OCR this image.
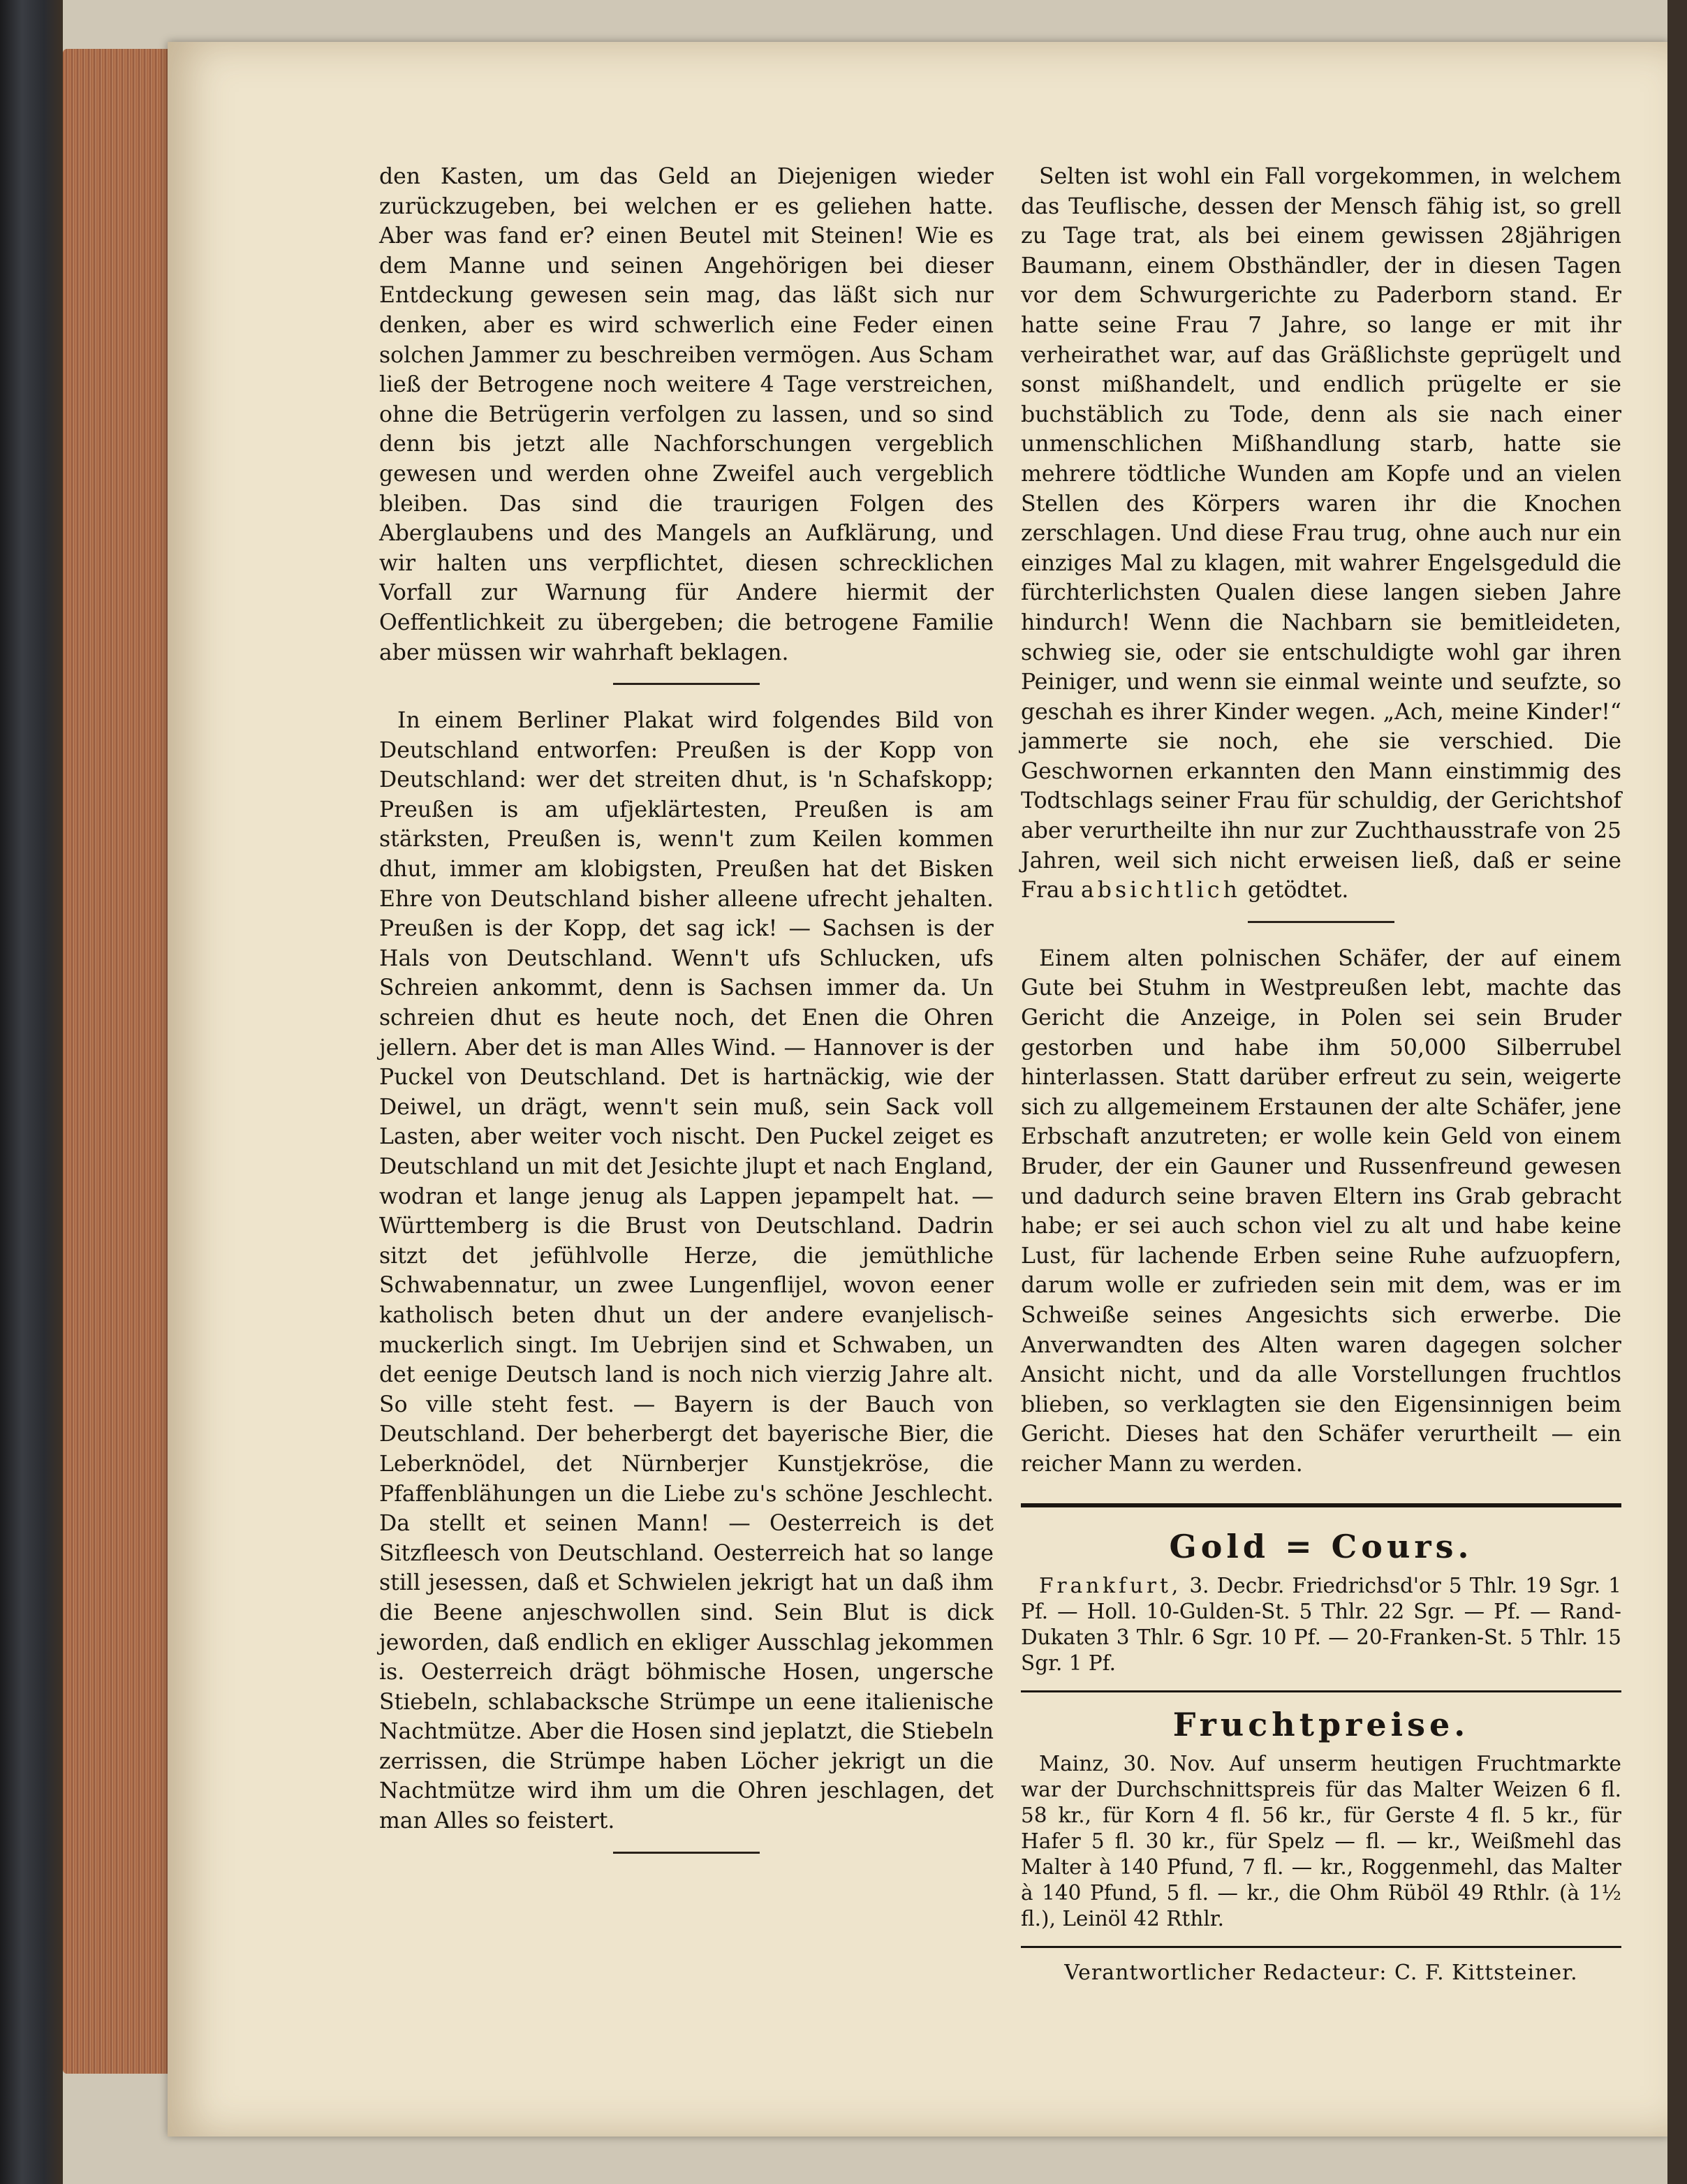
den Kasten, um das Geld an Diejenigen wieder zurückzugeben, bei welchen er es geliehen hatte. Aber was fand er? einen Beutel mit Steinen! Wie es dem Manne und seinen Angehörigen bei dieser Entdeckung gewesen sein mag, das läßt sich nur denken, aber es wird schwerlich eine Feder einen solchen Jammer zu beschreiben vermögen. Aus Scham ließ der Betrogene noch weitere 4 Tage verstreichen, ohne die Betrügerin verfolgen zu lassen, und so sind denn bis jetzt alle Nachforschungen vergeblich gewesen und werden ohne Zweifel auch vergeblich bleiben. Das sind die traurigen Folgen des Aberglaubens und des Mangels an Aufklärung, und wir halten uns verpflichtet, diesen schrecklichen Vorfall zur Warnung für Andere hiermit der Oeffentlichkeit zu übergeben; die betrogene Familie aber müssen wir wahrhaft beklagen.

In einem Berliner Plakat wird folgendes Bild von Deutschland entworfen: Preußen is der Kopp von Deutschland: wer det streiten dhut, is 'n Schafskopp; Preußen is am ufjeklärtesten, Preußen is am stärksten, Preußen is, wenn't zum Keilen kommen dhut, immer am klobigsten, Preußen hat det Bisken Ehre von Deutschland bisher alleene ufrecht jehalten. Preußen is der Kopp, det sag ick! — Sachsen is der Hals von Deutschland. Wenn't ufs Schlucken, ufs Schreien ankommt, denn is Sachsen immer da. Un schreien dhut es heute noch, det Enen die Ohren jellern. Aber det is man Alles Wind. — Hannover is der Puckel von Deutschland. Det is hartnäckig, wie der Deiwel, un drägt, wenn't sein muß, sein Sack voll Lasten, aber weiter voch nischt. Den Puckel zeiget es Deutschland un mit det Jesichte jlupt et nach England, wodran et lange jenug als Lappen jepampelt hat. — Württemberg is die Brust von Deutschland. Dadrin sitzt det jefühlvolle Herze, die jemüthliche Schwabennatur, un zwee Lungenflijel, wovon eener katholisch beten dhut un der andere evanjelisch-muckerlich singt. Im Uebrijen sind et Schwaben, un det eenige Deutsch land is noch nich vierzig Jahre alt. So ville steht fest. — Bayern is der Bauch von Deutschland. Der beherbergt det bayerische Bier, die Leberknödel, det Nürnberjer Kunstjekröse, die Pfaffenblähungen un die Liebe zu's schöne Jeschlecht. Da stellt et seinen Mann! — Oesterreich is det Sitzfleesch von Deutschland. Oesterreich hat so lange still jesessen, daß et Schwielen jekrigt hat un daß ihm die Beene anjeschwollen sind. Sein Blut is dick jeworden, daß endlich en ekliger Ausschlag jekommen is. Oesterreich drägt böhmische Hosen, ungersche Stiebeln, schlabacksche Strümpe un eene italienische Nachtmütze. Aber die Hosen sind jeplatzt, die Stiebeln zerrissen, die Strümpe haben Löcher jekrigt un die Nachtmütze wird ihm um die Ohren jeschlagen, det man Alles so feistert.

Selten ist wohl ein Fall vorgekommen, in welchem das Teuflische, dessen der Mensch fähig ist, so grell zu Tage trat, als bei einem gewissen 28jährigen Baumann, einem Obsthändler, der in diesen Tagen vor dem Schwurgerichte zu Paderborn stand. Er hatte seine Frau 7 Jahre, so lange er mit ihr verheirathet war, auf das Gräßlichste geprügelt und sonst mißhandelt, und endlich prügelte er sie buchstäblich zu Tode, denn als sie nach einer unmenschlichen Mißhandlung starb, hatte sie mehrere tödtliche Wunden am Kopfe und an vielen Stellen des Körpers waren ihr die Knochen zerschlagen. Und diese Frau trug, ohne auch nur ein einziges Mal zu klagen, mit wahrer Engelsgeduld die fürchterlichsten Qualen diese langen sieben Jahre hindurch! Wenn die Nachbarn sie bemitleideten, schwieg sie, oder sie entschuldigte wohl gar ihren Peiniger, und wenn sie einmal weinte und seufzte, so geschah es ihrer Kinder wegen. „Ach, meine Kinder!“ jammerte sie noch, ehe sie verschied. Die Geschwornen erkannten den Mann einstimmig des Todtschlags seiner Frau für schuldig, der Gerichtshof aber verurtheilte ihn nur zur Zuchthausstrafe von 25 Jahren, weil sich nicht erweisen ließ, daß er seine Frau absichtlich getödtet.

Einem alten polnischen Schäfer, der auf einem Gute bei Stuhm in Westpreußen lebt, machte das Gericht die Anzeige, in Polen sei sein Bruder gestorben und habe ihm 50,000 Silberrubel hinterlassen. Statt darüber erfreut zu sein, weigerte sich zu allgemeinem Erstaunen der alte Schäfer, jene Erbschaft anzutreten; er wolle kein Geld von einem Bruder, der ein Gauner und Russenfreund gewesen und dadurch seine braven Eltern ins Grab gebracht habe; er sei auch schon viel zu alt und habe keine Lust, für lachende Erben seine Ruhe aufzuopfern, darum wolle er zufrieden sein mit dem, was er im Schweiße seines Angesichts sich erwerbe. Die Anverwandten des Alten waren dagegen solcher Ansicht nicht, und da alle Vorstellungen fruchtlos blieben, so verklagten sie den Eigensinnigen beim Gericht. Dieses hat den Schäfer verurtheilt — ein reicher Mann zu werden.

Gold = Cours.

Frankfurt, 3. Decbr. Friedrichsd'or 5 Thlr. 19 Sgr. 1 Pf. — Holl. 10-Gulden-St. 5 Thlr. 22 Sgr. — Pf. — Rand-Dukaten 3 Thlr. 6 Sgr. 10 Pf. — 20-Franken-St. 5 Thlr. 15 Sgr. 1 Pf.

Fruchtpreise.

Mainz, 30. Nov. Auf unserm heutigen Fruchtmarkte war der Durchschnittspreis für das Malter Weizen 6 fl. 58 kr., für Korn 4 fl. 56 kr., für Gerste 4 fl. 5 kr., für Hafer 5 fl. 30 kr., für Spelz — fl. — kr., Weißmehl das Malter à 140 Pfund, 7 fl. — kr., Roggenmehl, das Malter à 140 Pfund, 5 fl. — kr., die Ohm Rüböl 49 Rthlr. (à 1½ fl.), Leinöl 42 Rthlr.

Verantwortlicher Redacteur: C. F. Kittsteiner.
